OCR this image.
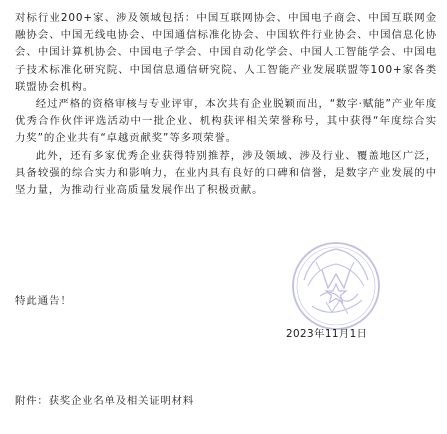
对标行业200+家、涉及领域包括：中国互联网协会、中国电子商会、中国互联网金融协会、中国无线电协会、中国通信标准化协会、中国软件行业协会、中国信息化协会、中国计算机协会、中国电子学会、中国自动化学会、中国人工智能学会、中国电子技术标准化研究院、中国信息通信研究院、人工智能产业发展联盟等100+家各类联盟协会机构。

经过严格的资格审核与专业评审，本次共有企业脱颖而出，“数字·赋能”产业年度优秀合作伙伴评选活动中一批企业、机构获评相关荣誉称号，其中获得“年度综合实力奖”的企业共有“卓越贡献奖”等多项荣誉。

此外，还有多家优秀企业获得特别推荐，涉及领域、涉及行业、覆盖地区广泛，具备较强的综合实力和影响力，在业内具有良好的口碑和信誉，是数字产业发展的中坚力量，为推动行业高质量发展作出了积极贡献。

特此通告！
2023年11月1日
附件：获奖企业名单及相关证明材料
